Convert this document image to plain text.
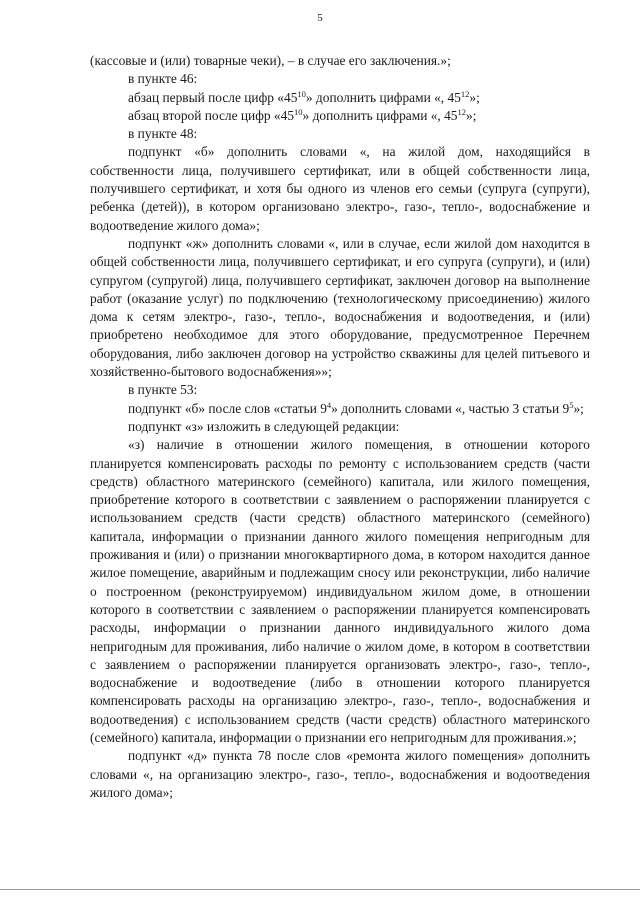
5

(кассовые и (или) товарные чеки), – в случае его заключения.»;

в пункте 46:

абзац первый после цифр «$45^{10}$» дополнить цифрами «, $45^{12}$»;

абзац второй после цифр «$45^{10}$» дополнить цифрами «, $45^{12}$»;

в пункте 48:

подпункт «б» дополнить словами «, на жилой дом, находящийся в собственности лица, получившего сертификат, или в общей собственности лица, получившего сертификат, и хотя бы одного из членов его семьи (супруга (супруги), ребенка (детей)), в котором организовано электро-, газо-, тепло-, водоснабжение и водоотведение жилого дома»;

подпункт «ж» дополнить словами «, или в случае, если жилой дом находится в общей собственности лица, получившего сертификат, и его супруга (супруги), и (или) супругом (супругой) лица, получившего сертификат, заключен договор на выполнение работ (оказание услуг) по подключению (технологическому присоединению) жилого дома к сетям электро-, газо-, тепло-, водоснабжения и водоотведения, и (или) приобретено необходимое для этого оборудование, предусмотренное Перечнем оборудования, либо заключен договор на устройство скважины для целей питьевого и хозяйственно-бытового водоснабжения»»;

в пункте 53:

подпункт «б» после слов «статьи $9^4$» дополнить словами «, частью 3 статьи $9^5$»;

подпункт «з» изложить в следующей редакции:

«з) наличие в отношении жилого помещения, в отношении которого планируется компенсировать расходы по ремонту с использованием средств (части средств) областного материнского (семейного) капитала, или жилого помещения, приобретение которого в соответствии с заявлением о распоряжении планируется с использованием средств (части средств) областного материнского (семейного) капитала, информации о признании данного жилого помещения непригодным для проживания и (или) о признании многоквартирного дома, в котором находится данное жилое помещение, аварийным и подлежащим сносу или реконструкции, либо наличие о построенном (реконструируемом) индивидуальном жилом доме, в отношении которого в соответствии с заявлением о распоряжении планируется компенсировать расходы, информации о признании данного индивидуального жилого дома непригодным для проживания, либо наличие о жилом доме, в котором в соответствии с заявлением о распоряжении планируется организовать электро-, газо-, тепло-, водоснабжение и водоотведение (либо в отношении которого планируется компенсировать расходы на организацию электро-, газо-, тепло-, водоснабжения и водоотведения) с использованием средств (части средств) областного материнского (семейного) капитала, информации о признании его непригодным для проживания.»;

подпункт «д» пункта 78 после слов «ремонта жилого помещения» дополнить словами «, на организацию электро-, газо-, тепло-, водоснабжения и водоотведения жилого дома»;
